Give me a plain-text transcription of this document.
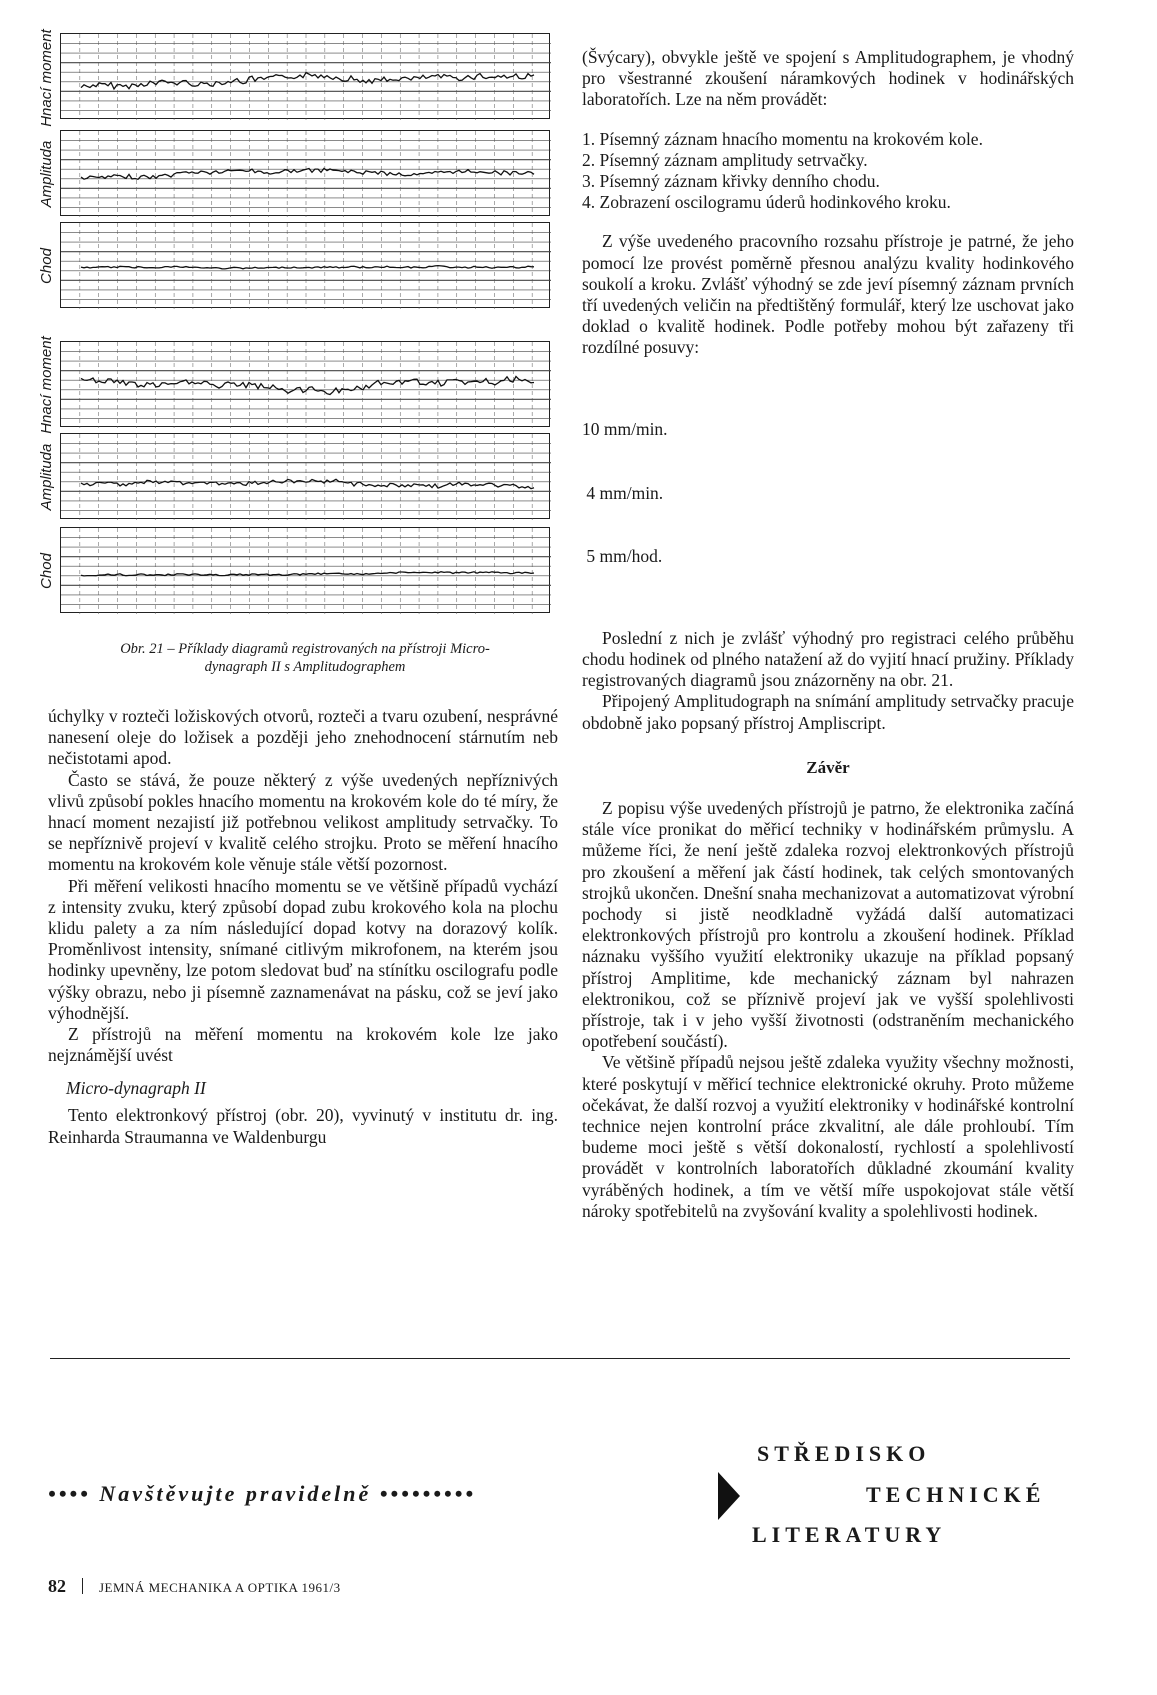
Hnací moment
Amplituda
Chod
Hnací moment
Amplituda
Chod
Obr. 21 – Příklady diagramů registrovaných na přístroji Micro-
dynagraph II s Amplitudographem

úchylky v rozteči ložiskových otvorů, rozteči a tvaru ozubení, nesprávné nanesení oleje do ložisek a později jeho znehodnocení stárnutím neb nečistotami apod.

Často se stává, že pouze některý z výše uvedených nepříznivých vlivů způsobí pokles hnacího momentu na krokovém kole do té míry, že hnací moment nezajistí již potřebnou velikost amplitudy setrvačky. To se nepříznivě projeví v kvalitě celého strojku. Proto se měření hnacího momentu na krokovém kole věnuje stále větší pozornost.

Při měření velikosti hnacího momentu se ve většině případů vychází z intensity zvuku, který způsobí dopad zubu krokového kola na plochu klidu palety a za ním následující dopad kotvy na dorazový kolík. Proměnlivost intensity, snímané citlivým mikrofonem, na kterém jsou hodinky upevněny, lze potom sledovat buď na stínítku oscilografu podle výšky obrazu, nebo ji písemně zaznamenávat na pásku, což se jeví jako výhodnější.

Z přístrojů na měření momentu na krokovém kole lze jako nejznámější uvést

Micro-dynagraph II

Tento elektronkový přístroj (obr. 20), vyvinutý v institutu dr. ing. Reinharda Straumanna ve Waldenburgu

(Švýcary), obvykle ještě ve spojení s Amplitudographem, je vhodný pro všestranné zkoušení náramkových hodinek v hodinářských laboratořích. Lze na něm provádět:

1. Písemný záznam hnacího momentu na krokovém kole.
2. Písemný záznam amplitudy setrvačky.
3. Písemný záznam křivky denního chodu.
4. Zobrazení oscilogramu úderů hodinkového kroku.

Z výše uvedeného pracovního rozsahu přístroje je patrné, že jeho pomocí lze provést poměrně přesnou analýzu kvality hodinkového soukolí a kroku. Zvlášť výhodný se zde jeví písemný záznam prvních tří uvedených veličin na předtištěný formulář, který lze uschovat jako doklad o kvalitě hodinek. Podle potřeby mohou být zařazeny tři rozdílné posuvy:

10 mm/min.

4 mm/min.

5 mm/hod.

Poslední z nich je zvlášť výhodný pro registraci celého průběhu chodu hodinek od plného natažení až do vyjití hnací pružiny. Příklady registrovaných diagramů jsou znázorněny na obr. 21.

Připojený Amplitudograph na snímání amplitudy setrvačky pracuje obdobně jako popsaný přístroj Ampliscript.

Závěr

Z popisu výše uvedených přístrojů je patrno, že elektronika začíná stále více pronikat do měřicí techniky v hodinářském průmyslu. A můžeme říci, že není ještě zdaleka rozvoj elektronkových přístrojů pro zkoušení a měření jak částí hodinek, tak celých smontovaných strojků ukončen. Dnešní snaha mechanizovat a automatizovat výrobní pochody si jistě neodkladně vyžádá další automatizaci elektronkových přístrojů pro kontrolu a zkoušení hodinek. Příklad náznaku vyššího využití elektroniky ukazuje na příklad popsaný přístroj Amplitime, kde mechanický záznam byl nahrazen elektronikou, což se příznivě projeví jak ve vyšší spolehlivosti přístroje, tak i v jeho vyšší životnosti (odstraněním mechanického opotřebení součástí).

Ve většině případů nejsou ještě zdaleka využity všechny možnosti, které poskytují v měřicí technice elektronické okruhy. Proto můžeme očekávat, že další rozvoj a využití elektroniky v hodinářské kontrolní technice nejen kontrolní práce zkvalitní, ale dále prohloubí. Tím budeme moci ještě s větší dokonalostí, rychlostí a spolehlivostí provádět v kontrolních laboratořích důkladné zkoumání kvality vyráběných hodinek, a tím ve větší míře uspokojovat stále větší nároky spotřebitelů na zvyšování kvality a spolehlivosti hodinek.

•••• Navštěvujte pravidelně •••••••••
STŘEDISKO
TECHNICKÉ
LITERATURY
82	JEMNÁ MECHANIKA A OPTIKA 1961/3
